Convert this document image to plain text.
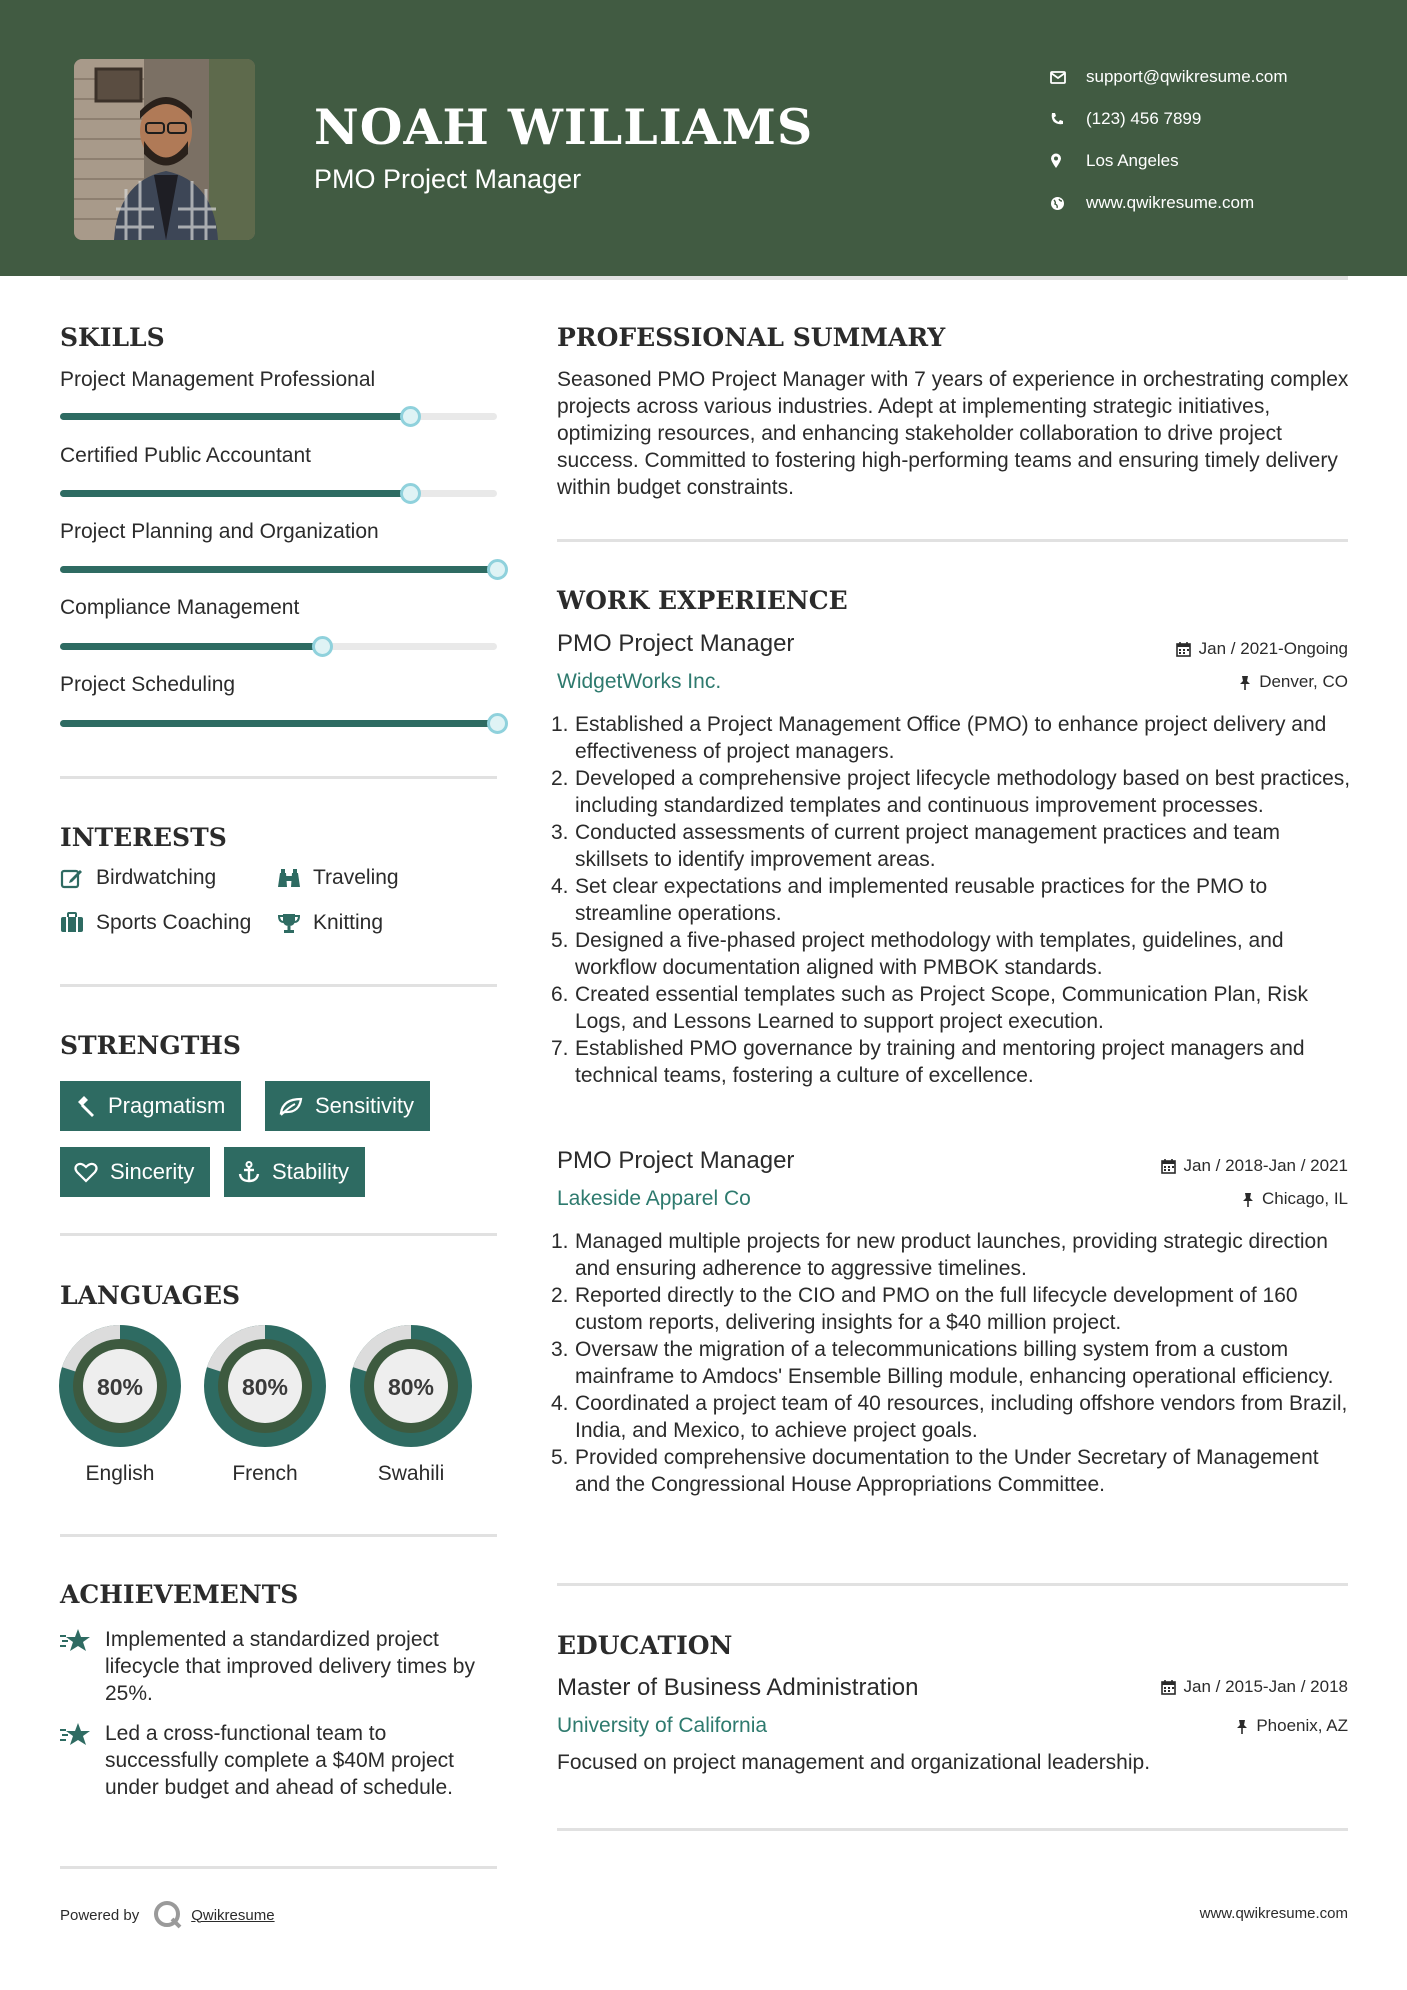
NOAH WILLIAMS
PMO Project Manager
support@qwikresume.com
(123) 456 7899
Los Angeles
www.qwikresume.com
SKILLS
Project Management Professional
Certified Public Accountant
Project Planning and Organization
Compliance Management
Project Scheduling
INTERESTS
Birdwatching	Traveling
Sports Coaching	Knitting
STRENGTHS
Pragmatism	Sensitivity
Sincerity	Stability
LANGUAGES
80%
English
80%
French
80%
Swahili
ACHIEVEMENTS
Implemented a standardized project lifecycle that improved delivery times by 25%.
Led a cross-functional team to successfully complete a $40M project under budget and ahead of schedule.
PROFESSIONAL SUMMARY
Seasoned PMO Project Manager with 7 years of experience in orchestrating complex projects across various industries. Adept at implementing strategic initiatives, optimizing resources, and enhancing stakeholder collaboration to drive project success. Committed to fostering high-performing teams and ensuring timely delivery within budget constraints.
WORK EXPERIENCE
PMO Project Manager	Jan / 2021-Ongoing
WidgetWorks Inc.	Denver, CO
1. Established a Project Management Office (PMO) to enhance project delivery and effectiveness of project managers.
2. Developed a comprehensive project lifecycle methodology based on best practices, including standardized templates and continuous improvement processes.
3. Conducted assessments of current project management practices and team skillsets to identify improvement areas.
4. Set clear expectations and implemented reusable practices for the PMO to streamline operations.
5. Designed a five-phased project methodology with templates, guidelines, and workflow documentation aligned with PMBOK standards.
6. Created essential templates such as Project Scope, Communication Plan, Risk Logs, and Lessons Learned to support project execution.
7. Established PMO governance by training and mentoring project managers and technical teams, fostering a culture of excellence.
PMO Project Manager	Jan / 2018-Jan / 2021
Lakeside Apparel Co	Chicago, IL
1. Managed multiple projects for new product launches, providing strategic direction and ensuring adherence to aggressive timelines.
2. Reported directly to the CIO and PMO on the full lifecycle development of 160 custom reports, delivering insights for a $40 million project.
3. Oversaw the migration of a telecommunications billing system from a custom mainframe to Amdocs' Ensemble Billing module, enhancing operational efficiency.
4. Coordinated a project team of 40 resources, including offshore vendors from Brazil, India, and Mexico, to achieve project goals.
5. Provided comprehensive documentation to the Under Secretary of Management and the Congressional House Appropriations Committee.
EDUCATION
Master of Business Administration	Jan / 2015-Jan / 2018
University of California	Phoenix, AZ
Focused on project management and organizational leadership.
Powered by	Qwikresume	www.qwikresume.com
